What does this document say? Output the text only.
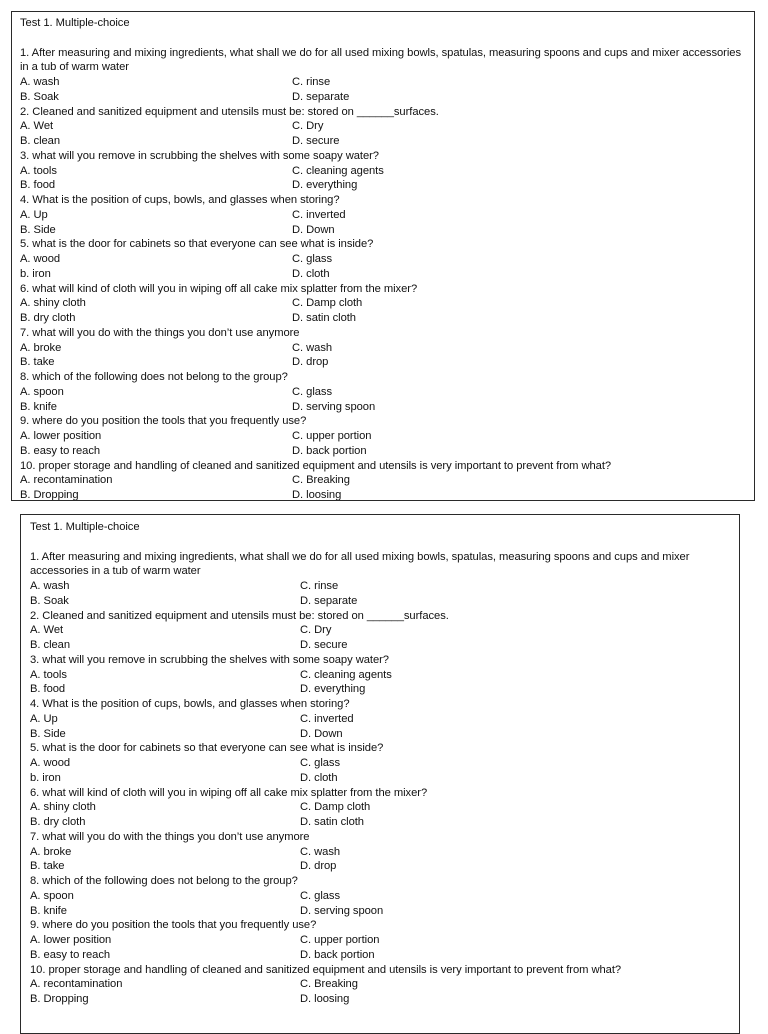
Test 1. Multiple-choice
1. After measuring and mixing ingredients, what shall we do for all used mixing bowls, spatulas, measuring spoons and cups and mixer accessories in a tub of warm water
A. wash	C. rinse
B. Soak	D. separate
2. Cleaned and sanitized equipment and utensils must be: stored on ______surfaces.
A. Wet	C. Dry
B. clean	D. secure
3. what will you remove in scrubbing the shelves with some soapy water?
A. tools	C. cleaning agents
B. food	D. everything
4. What is the position of cups, bowls, and glasses when storing?
A. Up	C. inverted
B. Side	D. Down
5. what is the door for cabinets so that everyone can see what is inside?
A. wood	C. glass
b. iron	D. cloth
6. what will kind of cloth will you in wiping off all cake mix splatter from the mixer?
A. shiny cloth	C. Damp cloth
B. dry cloth	D. satin cloth
7. what will you do with the things you don’t use anymore
A. broke	C. wash
B. take	D. drop
8. which of the following does not belong to the group?
A. spoon	C. glass
B. knife	D. serving spoon
9. where do you position the tools that you frequently use?
A. lower position	C. upper portion
B. easy to reach	D. back portion
10. proper storage and handling of cleaned and sanitized equipment and utensils is very important to prevent from what?
A. recontamination	C. Breaking
B. Dropping	D. loosing
Test 1. Multiple-choice
1. After measuring and mixing ingredients, what shall we do for all used mixing bowls, spatulas, measuring spoons and cups and mixer accessories in a tub of warm water
A. wash	C. rinse
B. Soak	D. separate
2. Cleaned and sanitized equipment and utensils must be: stored on ______surfaces.
A. Wet	C. Dry
B. clean	D. secure
3. what will you remove in scrubbing the shelves with some soapy water?
A. tools	C. cleaning agents
B. food	D. everything
4. What is the position of cups, bowls, and glasses when storing?
A. Up	C. inverted
B. Side	D. Down
5. what is the door for cabinets so that everyone can see what is inside?
A. wood	C. glass
b. iron	D. cloth
6. what will kind of cloth will you in wiping off all cake mix splatter from the mixer?
A. shiny cloth	C. Damp cloth
B. dry cloth	D. satin cloth
7. what will you do with the things you don’t use anymore
A. broke	C. wash
B. take	D. drop
8. which of the following does not belong to the group?
A. spoon	C. glass
B. knife	D. serving spoon
9. where do you position the tools that you frequently use?
A. lower position	C. upper portion
B. easy to reach	D. back portion
10. proper storage and handling of cleaned and sanitized equipment and utensils is very important to prevent from what?
A. recontamination	C. Breaking
B. Dropping	D. loosing
